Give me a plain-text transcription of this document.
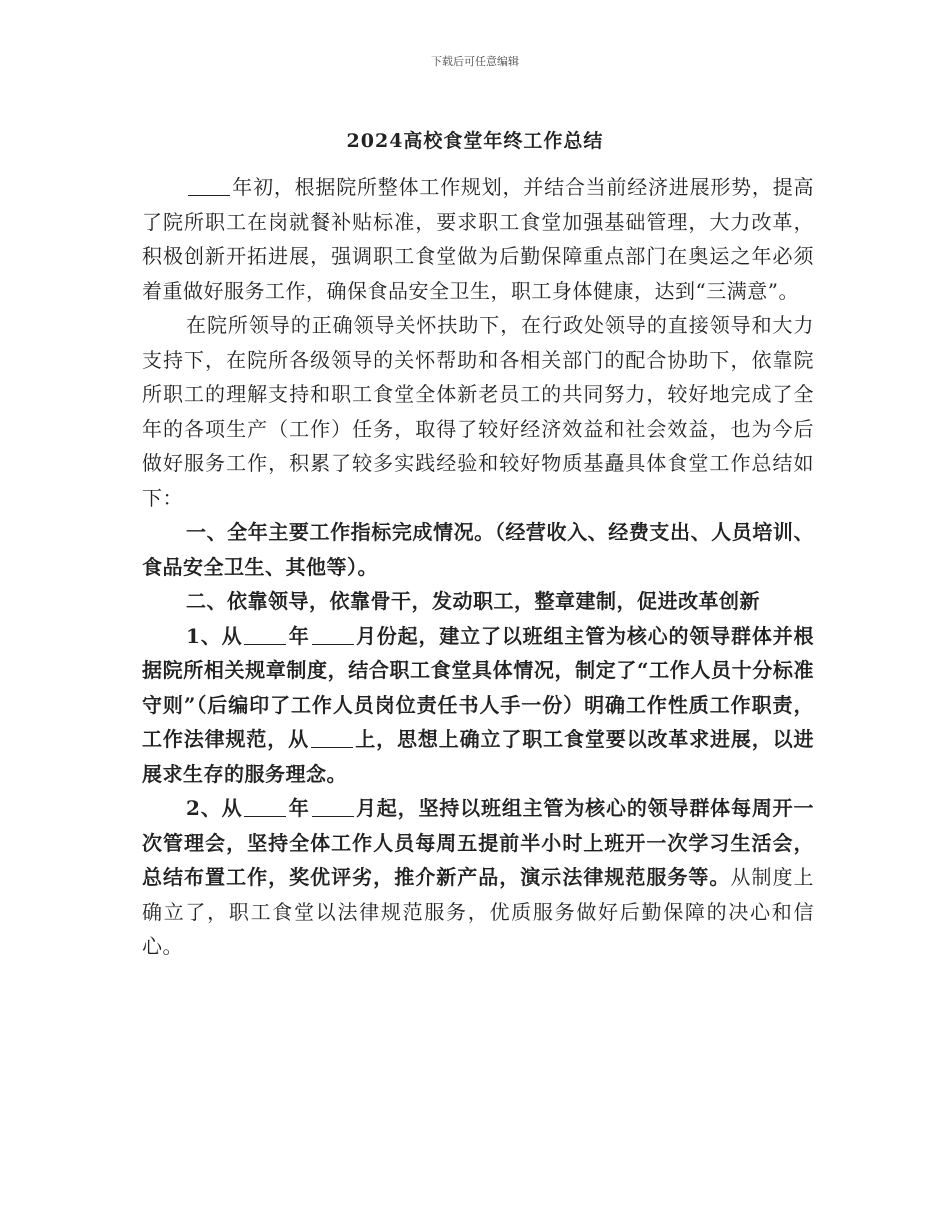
下载后可任意编辑
2024高校食堂年终工作总结

年初，根据院所整体工作规划，并结合当前经济进展形势，提高了院所职工在岗就餐补贴标准，要求职工食堂加强基础管理，大力改革，积极创新开拓进展，强调职工食堂做为后勤保障重点部门在奥运之年必须着重做好服务工作，确保食品安全卫生，职工身体健康，达到“三满意”。

在院所领导的正确领导关怀扶助下，在行政处领导的直接领导和大力支持下，在院所各级领导的关怀帮助和各相关部门的配合协助下，依靠院所职工的理解支持和职工食堂全体新老员工的共同努力，较好地完成了全年的各项生产（工作）任务，取得了较好经济效益和社会效益，也为今后做好服务工作，积累了较多实践经验和较好物质基矗具体食堂工作总结如下：

一、全年主要工作指标完成情况。（经营收入、经费支出、人员培训、食品安全卫生、其他等）。

二、依靠领导，依靠骨干，发动职工，整章建制，促进改革创新

1、从 年 月份起，建立了以班组主管为核心的领导群体并根据院所相关规章制度，结合职工食堂具体情况，制定了“工作人员十分标准守则”（后编印了工作人员岗位责任书人手一份）明确工作性质工作职责，工作法律规范，从 上，思想上确立了职工食堂要以改革求进展，以进展求生存的服务理念。

2、从 年 月起，坚持以班组主管为核心的领导群体每周开一次管理会，坚持全体工作人员每周五提前半小时上班开一次学习生活会，总结布置工作，奖优评劣，推介新产品，演示法律规范服务等。从制度上确立了，职工食堂以法律规范服务，优质服务做好后勤保障的决心和信心。
